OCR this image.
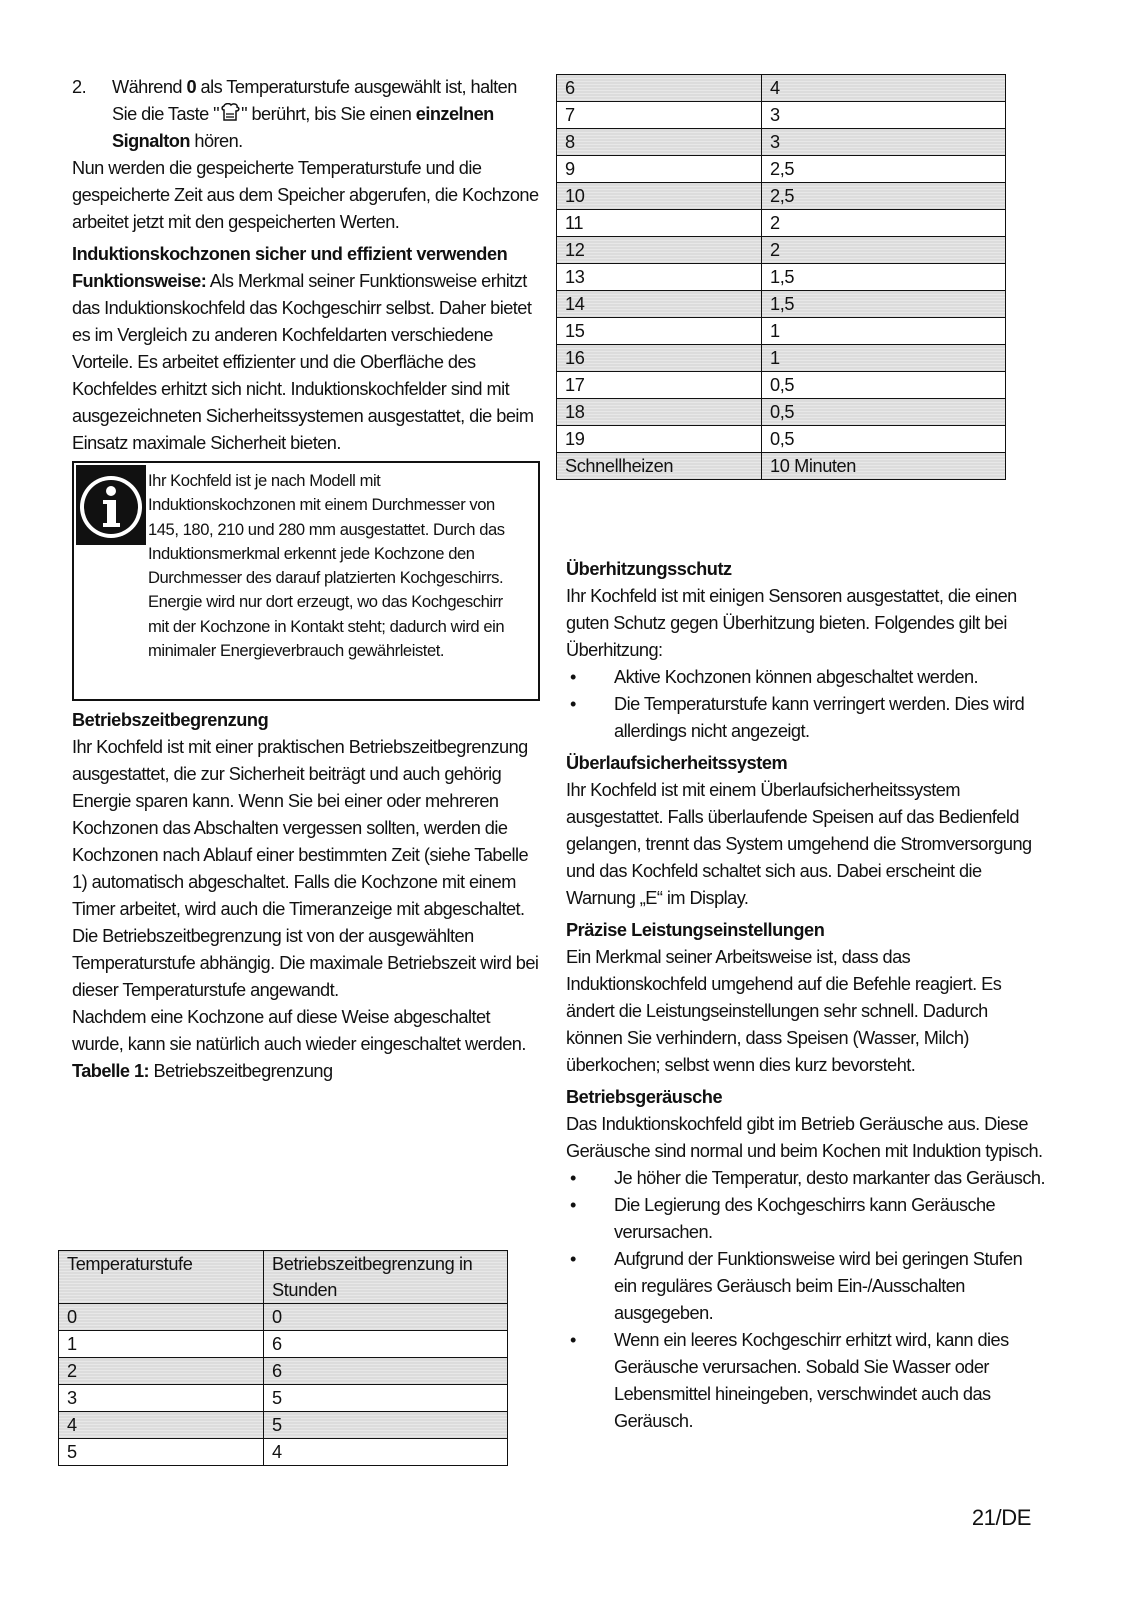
2.	Während 0 als Temperaturstufe ausgewählt ist, halten Sie die Taste " " berührt, bis Sie einen einzelnen Signalton hören.

Nun werden die gespeicherte Temperaturstufe und die gespeicherte Zeit aus dem Speicher abgerufen, die Kochzone arbeitet jetzt mit den gespeicherten Werten.

Induktionskochzonen sicher und effizient verwenden

Funktionsweise: Als Merkmal seiner Funktionsweise erhitzt das Induktionskochfeld das Kochgeschirr selbst. Daher bietet es im Vergleich zu anderen Kochfeldarten verschiedene Vorteile. Es arbeitet effizienter und die Oberfläche des Kochfeldes erhitzt sich nicht. Induktionskochfelder sind mit ausgezeichneten Sicherheitssystemen ausgestattet, die beim Einsatz maximale Sicherheit bieten.

Ihr Kochfeld ist je nach Modell mit Induktionskochzonen mit einem Durchmesser von 145, 180, 210 und 280 mm ausgestattet. Durch das Induktionsmerkmal erkennt jede Kochzone den Durchmesser des darauf platzierten Kochgeschirrs. Energie wird nur dort erzeugt, wo das Kochgeschirr mit der Kochzone in Kontakt steht; dadurch wird ein minimaler Energieverbrauch gewährleistet.

Betriebszeitbegrenzung

Ihr Kochfeld ist mit einer praktischen Betriebszeitbegrenzung ausgestattet, die zur Sicherheit beiträgt und auch gehörig Energie sparen kann. Wenn Sie bei einer oder mehreren Kochzonen das Abschalten vergessen sollten, werden die Kochzonen nach Ablauf einer bestimmten Zeit (siehe Tabelle 1) automatisch abgeschaltet. Falls die Kochzone mit einem Timer arbeitet, wird auch die Timeranzeige mit abgeschaltet.

Die Betriebszeitbegrenzung ist von der ausgewählten Temperaturstufe abhängig. Die maximale Betriebszeit wird bei dieser Temperaturstufe angewandt.

Nachdem eine Kochzone auf diese Weise abgeschaltet wurde, kann sie natürlich auch wieder eingeschaltet werden.

Tabelle 1: Betriebszeitbegrenzung

Temperaturstufe	Betriebszeitbegrenzung in Stunden
0	0
1	6
2	6
3	5
4	5
5	4
6	4
7	3
8	3
9	2,5
10	2,5
11	2
12	2
13	1,5
14	1,5
15	1
16	1
17	0,5
18	0,5
19	0,5
Schnellheizen	10 Minuten

Überhitzungsschutz

Ihr Kochfeld ist mit einigen Sensoren ausgestattet, die einen guten Schutz gegen Überhitzung bieten. Folgendes gilt bei Überhitzung:

•	Aktive Kochzonen können abgeschaltet werden.
•	Die Temperaturstufe kann verringert werden. Dies wird allerdings nicht angezeigt.

Überlaufsicherheitssystem

Ihr Kochfeld ist mit einem Überlaufsicherheitssystem ausgestattet. Falls überlaufende Speisen auf das Bedienfeld gelangen, trennt das System umgehend die Stromversorgung und das Kochfeld schaltet sich aus. Dabei erscheint die Warnung „E“ im Display.

Präzise Leistungseinstellungen

Ein Merkmal seiner Arbeitsweise ist, dass das Induktionskochfeld umgehend auf die Befehle reagiert. Es ändert die Leistungseinstellungen sehr schnell. Dadurch können Sie verhindern, dass Speisen (Wasser, Milch) überkochen; selbst wenn dies kurz bevorsteht.

Betriebsgeräusche

Das Induktionskochfeld gibt im Betrieb Geräusche aus. Diese Geräusche sind normal und beim Kochen mit Induktion typisch.

•	Je höher die Temperatur, desto markanter das Geräusch.
•	Die Legierung des Kochgeschirrs kann Geräusche verursachen.
•	Aufgrund der Funktionsweise wird bei geringen Stufen ein reguläres Geräusch beim Ein-/Ausschalten ausgegeben.
•	Wenn ein leeres Kochgeschirr erhitzt wird, kann dies Geräusche verursachen. Sobald Sie Wasser oder Lebensmittel hineingeben, verschwindet auch das Geräusch.
21/DE
